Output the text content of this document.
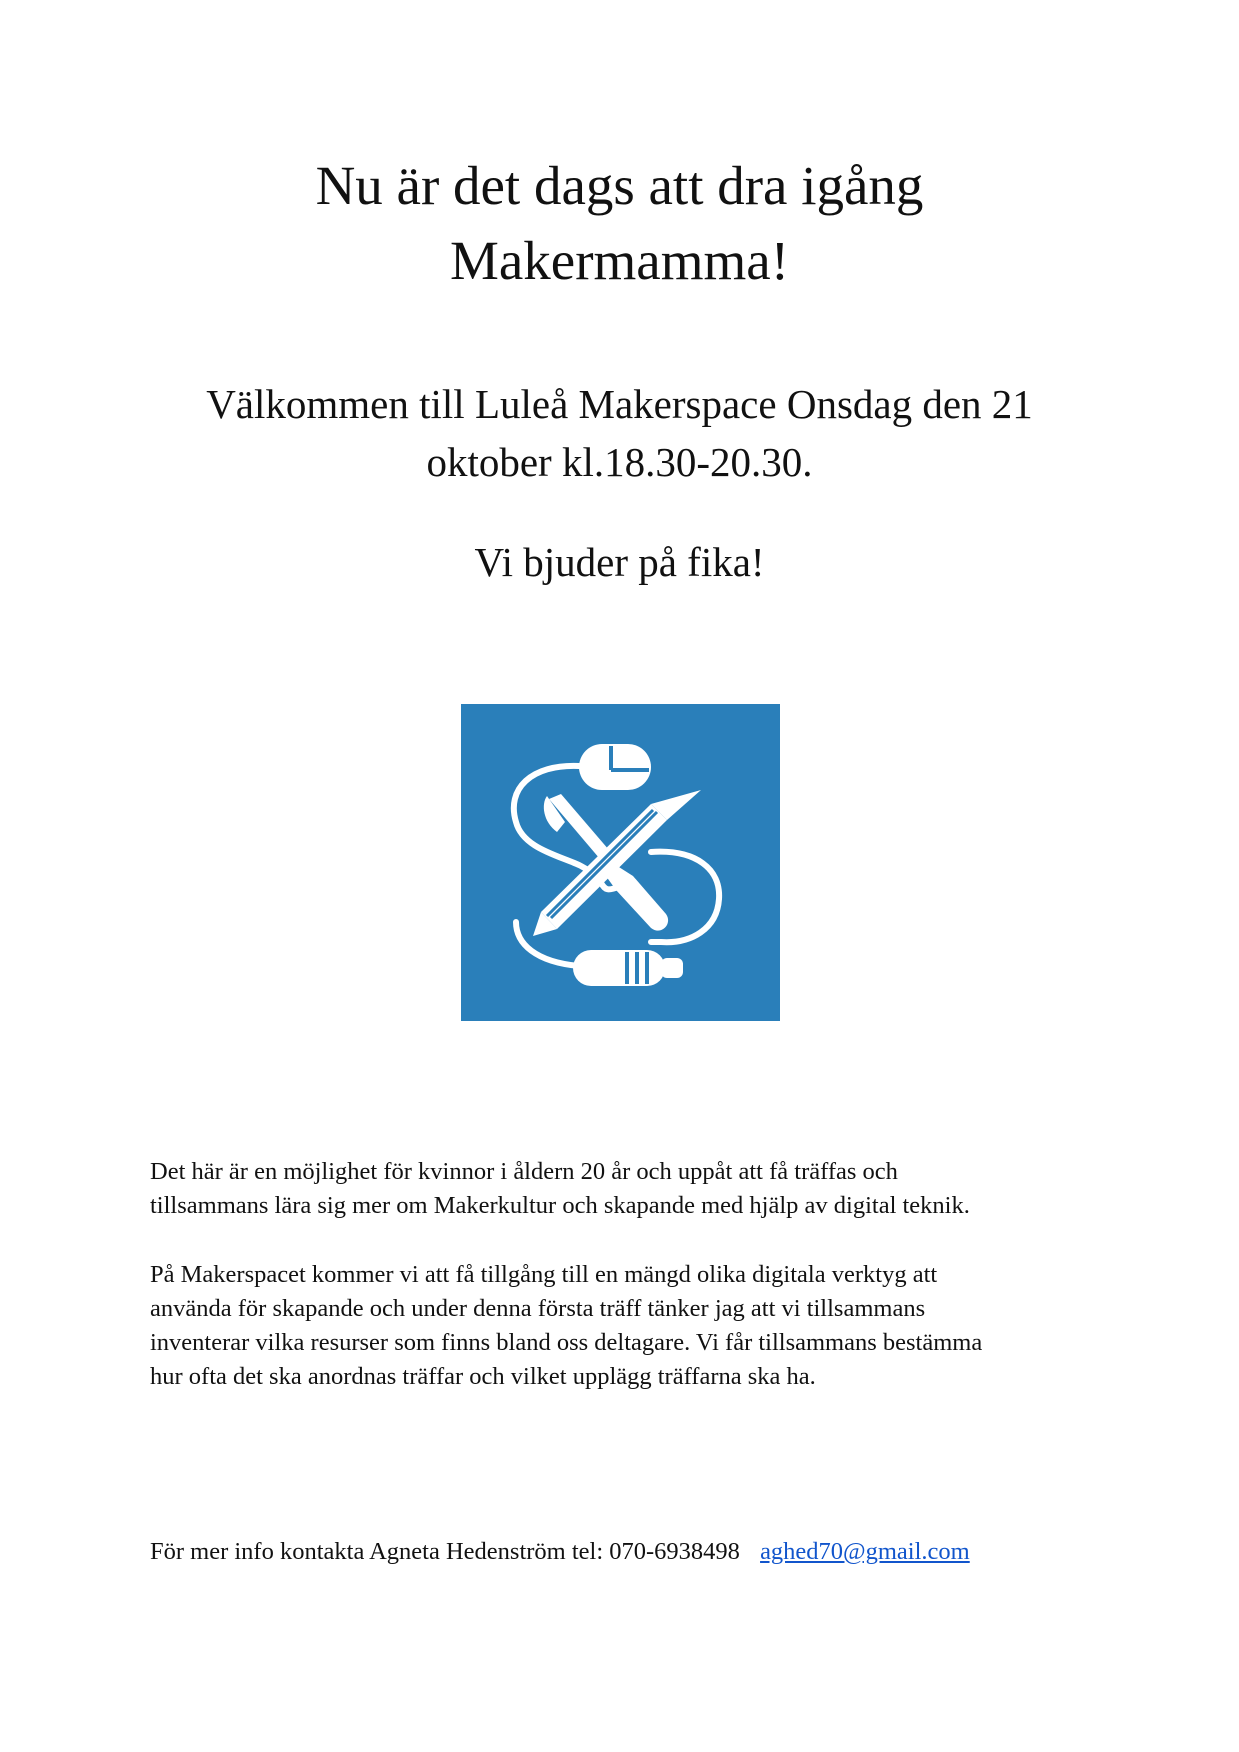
Nu är det dags att dra igång
Makermamma!
Välkommen till Luleå Makerspace Onsdag den 21
oktober kl.18.30-20.30.
Vi bjuder på fika!
Det här är en möjlighet för kvinnor i åldern 20 år och uppåt att få träffas och
tillsammans lära sig mer om Makerkultur och skapande med hjälp av digital teknik.
På Makerspacet kommer vi att få tillgång till en mängd olika digitala verktyg att
använda för skapande och under denna första träff tänker jag att vi tillsammans
inventerar vilka resurser som finns bland oss deltagare. Vi får tillsammans bestämma
hur ofta det ska anordnas träffar och vilket upplägg träffarna ska ha.
För mer info kontakta Agneta Hedenström tel: 070-6938498 aghed70@gmail.com
